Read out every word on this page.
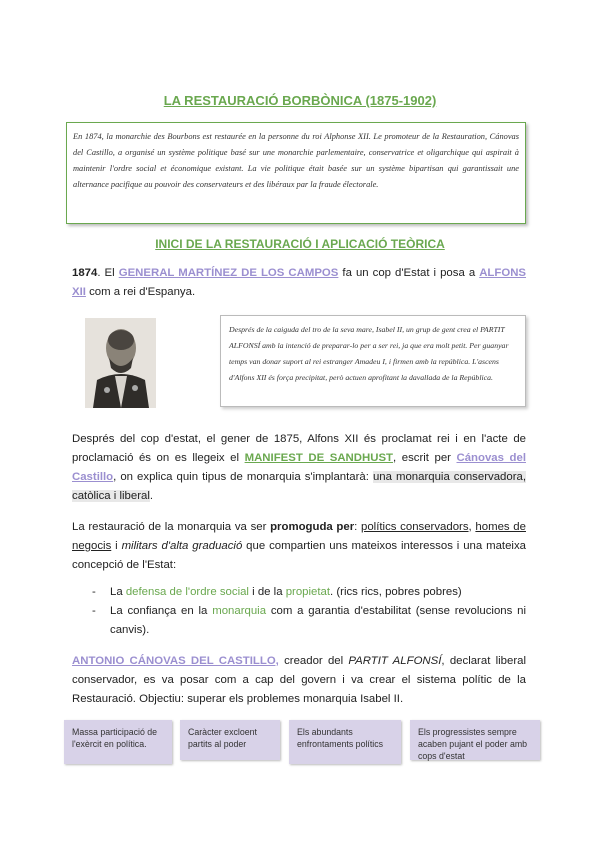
LA RESTAURACIÓ BORBÒNICA (1875-1902)
En 1874, la monarchie des Bourbons est restaurée en la personne du roi Alphonse XII. Le promoteur de la Restauration, Cánovas del Castillo, a organisé un système politique basé sur une monarchie parlementaire, conservatrice et oligarchique qui aspirait à maintenir l'ordre social et économique existant. La vie politique était basée sur un système bipartisan qui garantissait une alternance pacifique au pouvoir des conservateurs et des libéraux par la fraude électorale.
INICI DE LA RESTAURACIÓ I APLICACIÓ TEÒRICA
1874. El GENERAL MARTÍNEZ DE LOS CAMPOS fa un cop d'Estat i posa a ALFONS XII com a rei d'Espanya.
Després de la caiguda del tro de la seva mare, Isabel II, un grup de gent crea el PARTIT ALFONSÍ amb la intenció de preparar-lo per a ser rei, ja que era molt petit. Per guanyar temps van donar suport al rei estranger Amadeu I, i firmen amb la república. L'ascens d'Alfons XII és força precipitat, però actuen aprofitant la davallada de la República.
Després del cop d'estat, el gener de 1875, Alfons XII és proclamat rei i en l'acte de proclamació és on es llegeix el MANIFEST DE SANDHUST, escrit per Cánovas del Castillo, on explica quin tipus de monarquia s'implantarà: una monarquia conservadora, catòlica i liberal.
La restauració de la monarquia va ser promoguda per: polítics conservadors, homes de negocis i militars d'alta graduació que compartien uns mateixos interessos i una mateixa concepció de l'Estat:
- La defensa de l'ordre social i de la propietat. (rics rics, pobres pobres)
- La confiança en la monarquia com a garantia d'estabilitat (sense revolucions ni canvis).
ANTONIO CÁNOVAS DEL CASTILLO, creador del PARTIT ALFONSÍ, declarat liberal conservador, es va posar com a cap del govern i va crear el sistema polític de la Restauració. Objectiu: superar els problemes monarquia Isabel II.
Massa participació de l'exèrcit en política.
Caràcter excloent partits al poder
Els abundants enfrontaments polítics
Els progressistes sempre acaben pujant el poder amb cops d'estat
